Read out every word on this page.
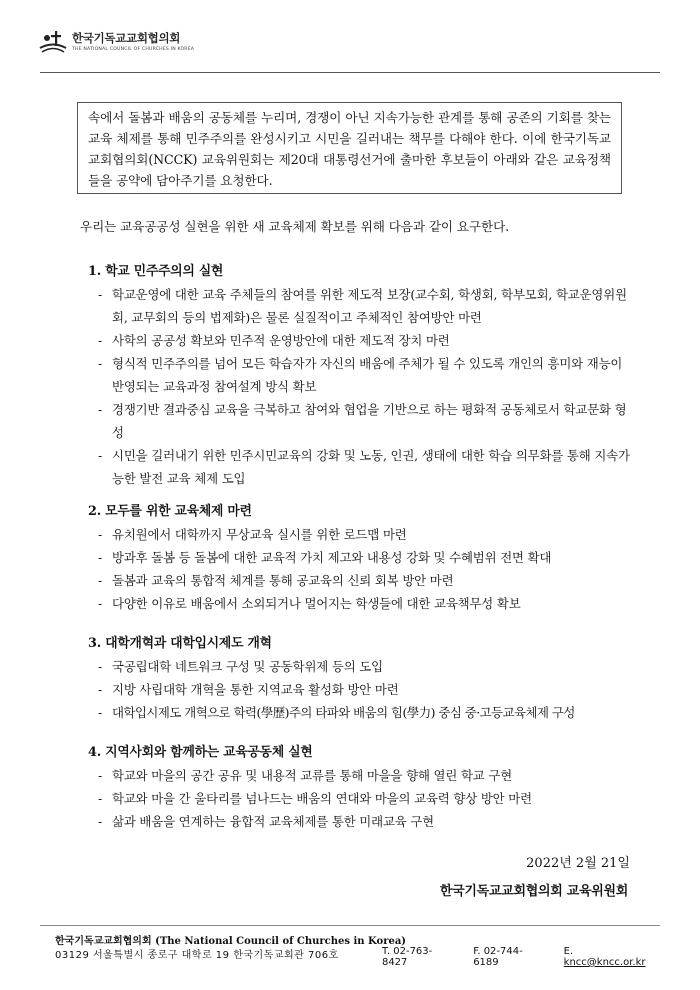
한국기독교교회협의회
THE NATIONAL COUNCIL OF CHURCHES IN KOREA
속에서 돌봄과 배움의 공동체를 누리며, 경쟁이 아닌 지속가능한 관계를 통해 공존의 기회를 찾는 교육 체제를 통해 민주주의를 완성시키고 시민을 길러내는 책무를 다해야 한다. 이에 한국기독교교회협의회(NCCK) 교육위원회는 제20대 대통령선거에 출마한 후보들이 아래와 같은 교육정책들을 공약에 담아주기를 요청한다.
우리는 교육공공성 실현을 위한 새 교육체제 확보를 위해 다음과 같이 요구한다.
1. 학교 민주주의의 실현
- 학교운영에 대한 교육 주체들의 참여를 위한 제도적 보장(교수회, 학생회, 학부모회, 학교운영위원회, 교무회의 등의 법제화)은 물론 실질적이고 주체적인 참여방안 마련
- 사학의 공공성 확보와 민주적 운영방안에 대한 제도적 장치 마련
- 형식적 민주주의를 넘어 모든 학습자가 자신의 배움에 주체가 될 수 있도록 개인의 흥미와 재능이 반영되는 교육과정 참여설계 방식 확보
- 경쟁기반 결과중심 교육을 극복하고 참여와 협업을 기반으로 하는 평화적 공동체로서 학교문화 형성
- 시민을 길러내기 위한 민주시민교육의 강화 및 노동, 인권, 생태에 대한 학습 의무화를 통해 지속가능한 발전 교육 체제 도입
2. 모두를 위한 교육체제 마련
- 유치원에서 대학까지 무상교육 실시를 위한 로드맵 마련
- 방과후 돌봄 등 돌봄에 대한 교육적 가치 제고와 내용성 강화 및 수혜범위 전면 확대
- 돌봄과 교육의 통합적 체계를 통해 공교육의 신뢰 회복 방안 마련
- 다양한 이유로 배움에서 소외되거나 멀어지는 학생들에 대한 교육책무성 확보
3. 대학개혁과 대학입시제도 개혁
- 국공립대학 네트워크 구성 및 공동학위제 등의 도입
- 지방 사립대학 개혁을 통한 지역교육 활성화 방안 마련
- 대학입시제도 개혁으로 학력(學歷)주의 타파와 배움의 힘(學力) 중심 중·고등교육체제 구성
4. 지역사회와 함께하는 교육공동체 실현
- 학교와 마을의 공간 공유 및 내용적 교류를 통해 마을을 향해 열린 학교 구현
- 학교와 마을 간 울타리를 넘나드는 배움의 연대와 마을의 교육력 향상 방안 마련
- 삶과 배움을 연계하는 융합적 교육체제를 통한 미래교육 구현
2022년 2월 21일
한국기독교교회협의회 교육위원회
한국기독교교회협의회 (The National Council of Churches in Korea)
03129 서울특별시 종로구 대학로 19 한국기독교회관 706호	T. 02-763-8427
F. 02-744-6189
E. kncc@kncc.or.kr
